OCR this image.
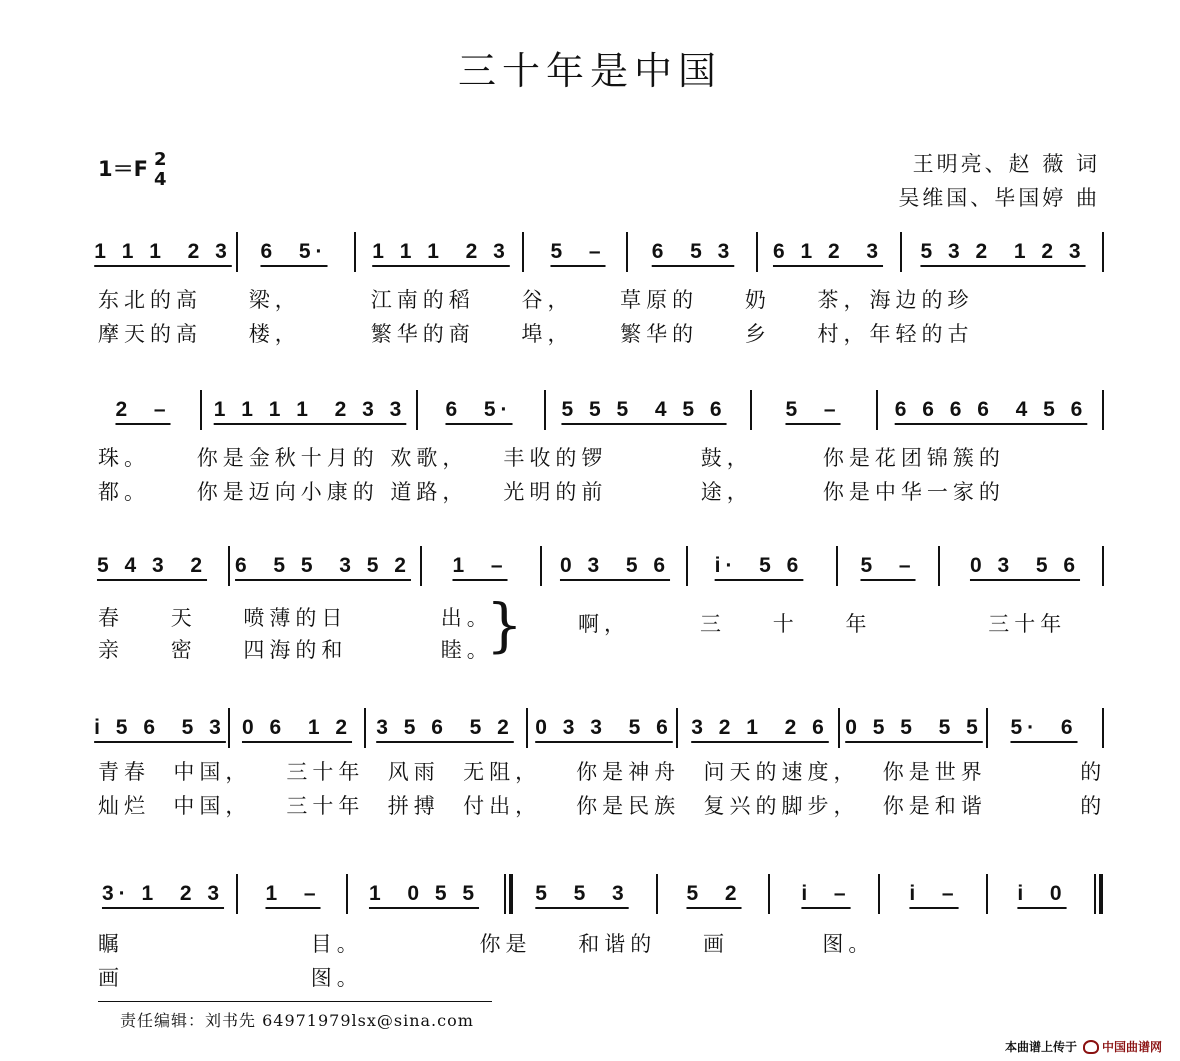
三十年是中国
1＝F 2
4
王明亮、赵 薇 词
吴维国、毕国婷 曲
1 1 1  2 3	6  5·	1 1 1  2 3	5  –	6  5 3	6 1 2  3	5 3 2  1 2 3
东北的高    梁，      江南的稻    谷，    草原的    奶    茶，海边的珍
摩天的高    楼，      繁华的商    埠，    繁华的    乡    村，年轻的古
2  –	1 1 1 1  2 3 3	6  5·	5 5 5  4 5 6	5  –	6 6 6 6  4 5 6
珠。    你是金秋十月的 欢歌，   丰收的锣        鼓，      你是花团锦簇的
都。    你是迈向小康的 道路，   光明的前        途，      你是中华一家的
5 4 3  2 6  5 5  3 5 2	1  –	0 3  5 6	i·  5 6	5  –	0 3  5 6
春    天    喷薄的日        出。
亲    密    四海的和        睦。
}	啊，      三    十    年          三十年
i 5 6  5 3 0 6  1 2 3 5 6  5 2 0 3 3  5 6 3 2 1  2 6 0 5 5  5 5	5·  6
青春  中国，   三十年  风雨  无阻，   你是神舟  问天的速度，  你是世界        的
灿烂  中国，   三十年  拼搏  付出，   你是民族  复兴的脚步，  你是和谐        的
3· 1  2 3	1  –	1  0 5 5	5  5  3	5  2	i  –	i  –	i  0
瞩                目。          你是    和谐的    画        图。
画                图。
责任编辑：刘书先 64971979lsx@sina.com
本曲谱上传于 中国曲谱网
